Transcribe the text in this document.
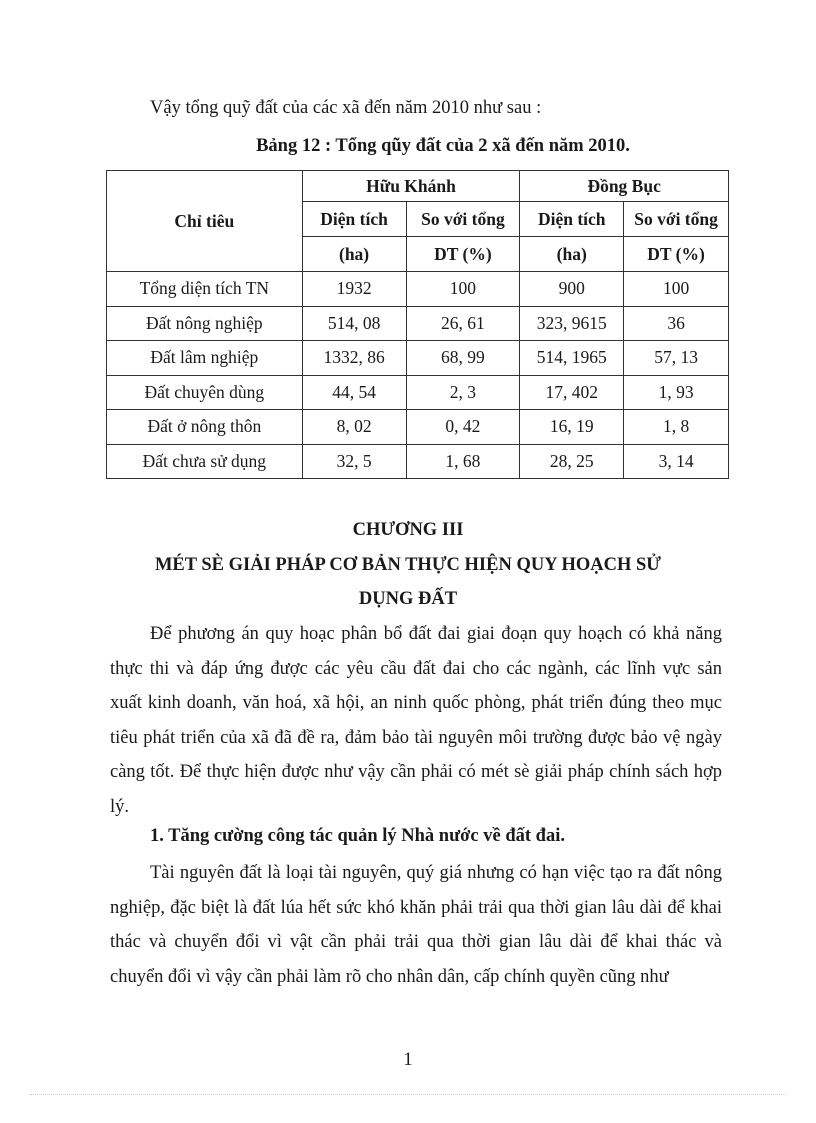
Vậy tổng quỹ đất của các xã đến năm 2010 như sau :
Bảng 12 : Tổng qũy đất của 2 xã đến năm 2010.
Chỉ tiêu	Hữu Khánh		Đồng Bục	
	Diện tích	So với tổng	Diện tích	So với tổng
	(ha)	DT (%)	(ha)	DT (%)
Tổng diện tích TN	1932	100	900	100
Đất nông nghiệp	514, 08	26, 61	323, 9615	36
Đất lâm nghiệp	1332, 86	68, 99	514, 1965	57, 13
Đất chuyên dùng	44, 54	2, 3	17, 402	1, 93
Đất ở nông thôn	8, 02	0, 42	16, 19	1, 8
Đất chưa sử dụng	32, 5	1, 68	28, 25	3, 14
CHƯƠNG III
MÉT SÈ GIẢI PHÁP CƠ BẢN THỰC HIỆN QUY HOẠCH SỬ
DỤNG ĐẤT
Để phương án quy hoạc phân bổ đất đai giai đoạn quy hoạch có khả năng
thực thi và đáp ứng được các yêu cầu đất đai cho các ngành, các lĩnh vực sản
xuất kinh doanh, văn hoá, xã hội, an ninh quốc phòng, phát triển đúng theo mục
tiêu phát triển của xã đã đề ra, đảm bảo tài nguyên môi trường được bảo vệ ngày
càng tốt. Để thực hiện được như vậy cần phải có mét sè giải pháp chính sách hợp
lý.
1. Tăng cường công tác quản lý Nhà nước về đất đai.
Tài nguyên đất là loại tài nguyên, quý giá nhưng có hạn việc tạo ra đất nông
nghiệp, đặc biệt là đất lúa hết sức khó khăn phải trải qua thời gian lâu dài để khai
thác và chuyển đổi vì vật cần phải trải qua thời gian lâu dài để khai thác và
chuyển đổi vì vậy cần phải làm rõ cho nhân dân, cấp chính quyền cũng như
1
